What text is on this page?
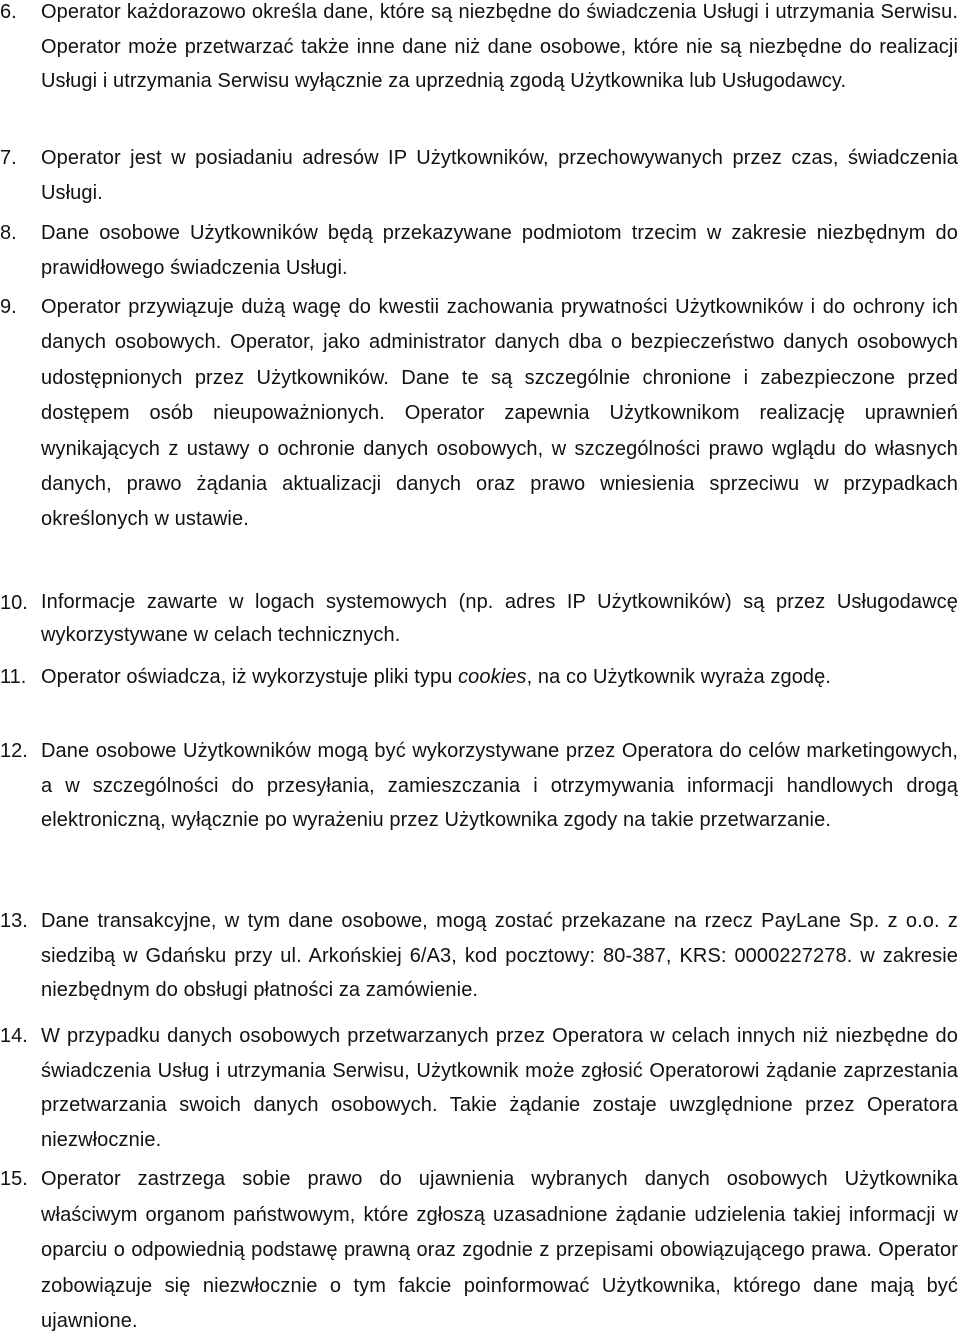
6. Operator każdorazowo określa dane, które są niezbędne do świadczenia Usługi i utrzymania Serwisu. Operator może przetwarzać także inne dane niż dane osobowe, które nie są niezbędne do realizacji Usługi i utrzymania Serwisu wyłącznie za uprzednią zgodą Użytkownika lub Usługodawcy.
7. Operator jest w posiadaniu adresów IP Użytkowników, przechowywanych przez czas, świadczenia Usługi.
8. Dane osobowe Użytkowników będą przekazywane podmiotom trzecim w zakresie niezbędnym do prawidłowego świadczenia Usługi.
9. Operator przywiązuje dużą wagę do kwestii zachowania prywatności Użytkowników i do ochrony ich danych osobowych. Operator, jako administrator danych dba o bezpieczeństwo danych osobowych udostępnionych przez Użytkowników. Dane te są szczególnie chronione i zabezpieczone przed dostępem osób nieupoważnionych. Operator zapewnia Użytkownikom realizację uprawnień wynikających z ustawy o ochronie danych osobowych, w szczególności prawo wglądu do własnych danych, prawo żądania aktualizacji danych oraz prawo wniesienia sprzeciwu w przypadkach określonych w ustawie.
10. Informacje zawarte w logach systemowych (np. adres IP Użytkowników) są przez Usługodawcę wykorzystywane w celach technicznych.
11. Operator oświadcza, iż wykorzystuje pliki typu cookies, na co Użytkownik wyraża zgodę.
12. Dane osobowe Użytkowników mogą być wykorzystywane przez Operatora do celów marketingowych, a w szczególności do przesyłania, zamieszczania i otrzymywania informacji handlowych drogą elektroniczną, wyłącznie po wyrażeniu przez Użytkownika zgody na takie przetwarzanie.
13. Dane transakcyjne, w tym dane osobowe, mogą zostać przekazane na rzecz PayLane Sp. z o.o. z siedzibą w Gdańsku przy ul. Arkońskiej 6/A3, kod pocztowy: 80-387, KRS: 0000227278. w zakresie niezbędnym do obsługi płatności za zamówienie.
14. W przypadku danych osobowych przetwarzanych przez Operatora w celach innych niż niezbędne do świadczenia Usług i utrzymania Serwisu, Użytkownik może zgłosić Operatorowi żądanie zaprzestania przetwarzania swoich danych osobowych. Takie żądanie zostaje uwzględnione przez Operatora niezwłocznie.
15. Operator zastrzega sobie prawo do ujawnienia wybranych danych osobowych Użytkownika właściwym organom państwowym, które zgłoszą uzasadnione żądanie udzielenia takiej informacji w oparciu o odpowiednią podstawę prawną oraz zgodnie z przepisami obowiązującego prawa. Operator zobowiązuje się niezwłocznie o tym fakcie poinformować Użytkownika, którego dane mają być ujawnione.
